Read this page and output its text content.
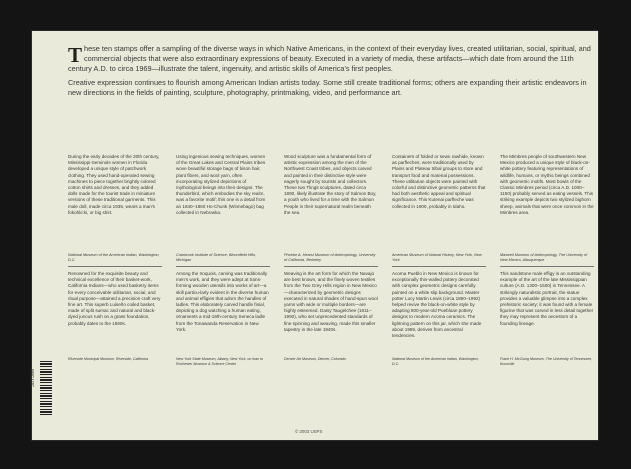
These ten stamps offer a sampling of the diverse ways in which Native Americans, in the context of their everyday lives, created utilitarian, social, spiritual, and commercial objects that were also extraordinary expressions of beauty. Executed in a variety of media, these artifacts—which date from around the 11th century A.D. to circa 1969—illustrate the talent, ingenuity, and artistic skills of America's first peoples.

Creative expression continues to flourish among American Indian artists today. Some still create traditional forms; others are expanding their artistic endeavors in new directions in the fields of painting, sculpture, photography, printmaking, video, and performance art.

During the early decades of the 20th century, Mississippi-Seminole women in Florida developed a unique style of patchwork clothing. They used hand-operated sewing machines to piece together brightly colored cotton shirts and dresses, and they added dolls made for the tourist trade in miniature versions of these traditional garments. This male doll, made circa 1935, wears a man's fokohki:ki, or big shirt.

National Museum of the American Indian, Washington, D.C.

Renowned for the exquisite beauty and technical excellence of their basket-work, California Indians—who used basketry items for every conceivable utilitarian, social, and ritual purpose—attained a precision craft very fine art. This superb Luiseño coiled basket, made of split sumac and natural and black-dyed juncus rush on a grass foundation, probably dates to the 1890s.

Riverside Municipal Museum, Riverside, California

Using ingenious sewing techniques, women of the Great Lakes and Central Plains tribes wove beautiful storage bags of bison hair, plant fibers, and wool yarn, often incorporating stylized depictions of mythological beings into their designs. The thunderbird, which embodies the sky realm, was a favorite motif; this one is a detail from an 1840–1860 Ho-Chunk (Winnebago) bag collected in Nebraska.

Cranbrook Institute of Science, Bloomfield Hills, Michigan

Among the Iroquois, carving was traditionally men's work, and they were adept at trans-forming wooden utensils into works of art—a skill particu-larly evident in the diverse human and animal effigies that adorn the handles of ladles. This elaborately carved handle finial, depicting a dog watching a human eating, ornaments a mid-19th-century Seneca ladle from the Tonawanda Reservation in New York.

New York State Museum, Albany, New York, on loan to Rochester Museum & Science Center

Wood sculpture was a fundamental form of artistic expression among the men of the Northwest Coast tribes, and objects carved and painted in their distinctive style were eagerly sought by tourists and collectors. These two Tlingit sculptures, dated circa 1890, likely illustrate the story of Salmon Boy, a youth who lived for a time with the Salmon People in their supernatural realm beneath the sea.

Phoebe A. Hearst Museum of Anthropology, University of California, Berkeley

Weaving is the art form for which the Navajo are best known, and the finely woven textiles from the Two Grey Hills region in New Mexico—characterized by geometric designs executed in natural shades of hand-spun wool yarns with wide or multiple borders—are highly esteemed. Daisy Taugelchee (1911–1990), who set unprecedented standards of fine spinning and weaving, made this smaller tapestry in the late 1940s.

Denver Art Museum, Denver, Colorado

Containers of folded or sewn rawhide, known as parfleches, were traditionally used by Plains and Plateau tribal groups to store and transport food and material possessions. These utilitarian objects were painted with colorful and distinctive geometric patterns that had both aesthetic appeal and spiritual significance. This Kutenai parfleche was collected in 1900, probably in Idaho.

American Museum of Natural History, New York, New York

Acoma Pueblo in New Mexico is known for exceptionally thin-walled pottery decorated with complex geometric designs carefully painted on a white slip background. Master potter Lucy Martin Lewis (circa 1890–1992) helped revive the black-on-white style by adapting 800-year-old Puebloan pottery designs to modern Acoma ceramics. The lightning pattern on this jar, which she made about 1969, derives from ancestral tendencies.

National Museum of the American Indian, Washington, D.C.

The Mimbres people of southwestern New Mexico produced a unique style of black-on-white pottery featuring representations of wildlife, humans, or mythic beings combined with geometric motifs. Most bowls of the Classic Mimbres period (circa A.D. 1000–1150) probably served as eating vessels. This striking example depicts two stylized bighorn sheep, animals that were once common in the Mimbres area.

Maxwell Museum of Anthropology, The University of New Mexico, Albuquerque

This sandstone male effigy is an outstanding example of the art of the late Mississippian culture (A.D. 1300–1500) in Tennessee. A strikingly naturalistic portrait, the statue provides a valuable glimpse into a complex prehistoric society; it was found with a female figurine that was carved in less detail together they may represent the ancestors of a founding lineage.

Frank H. McClung Museum, The University of Tennessee, Knoxville

567500
© 2003 USPS
